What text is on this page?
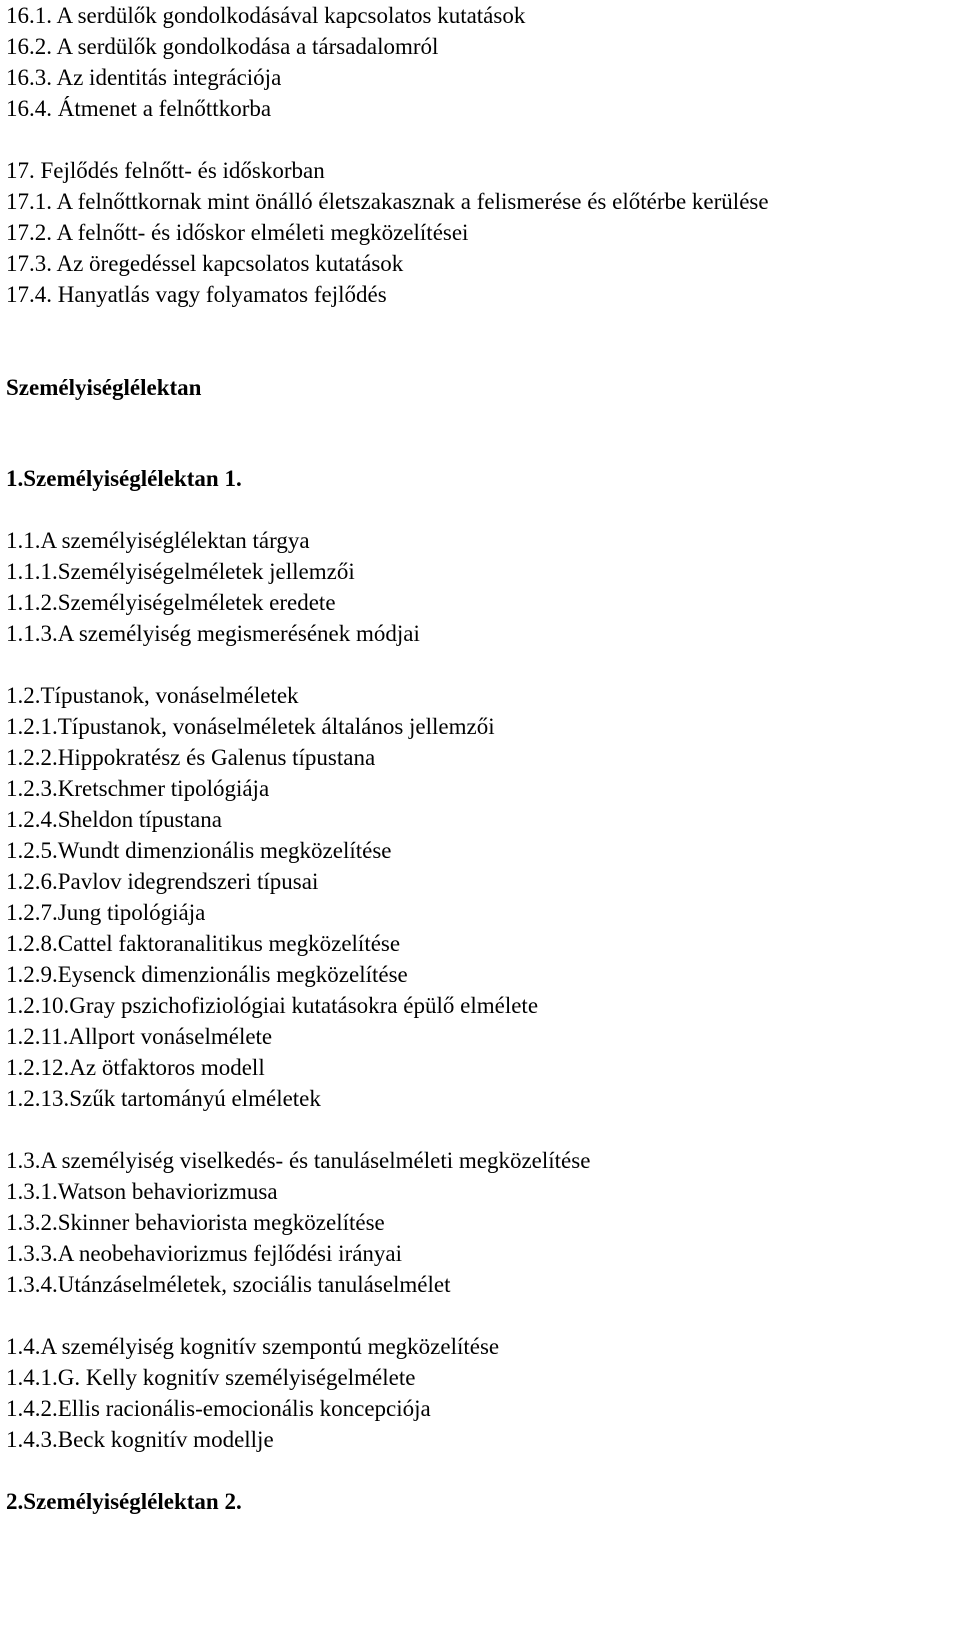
16.1. A serdülők gondolkodásával kapcsolatos kutatások
16.2. A serdülők gondolkodása a társadalomról
16.3. Az identitás integrációja
16.4. Átmenet a felnőttkorba
17. Fejlődés felnőtt- és időskorban
17.1. A felnőttkornak mint önálló életszakasznak a felismerése és előtérbe kerülése
17.2. A felnőtt- és időskor elméleti megközelítései
17.3. Az öregedéssel kapcsolatos kutatások
17.4. Hanyatlás vagy folyamatos fejlődés
Személyiséglélektan
1.Személyiséglélektan 1.
1.1.A személyiséglélektan tárgya
1.1.1.Személyiségelméletek jellemzői
1.1.2.Személyiségelméletek eredete
1.1.3.A személyiség megismerésének módjai
1.2.Típustanok, vonáselméletek
1.2.1.Típustanok, vonáselméletek általános jellemzői
1.2.2.Hippokratész és Galenus típustana
1.2.3.Kretschmer tipológiája
1.2.4.Sheldon típustana
1.2.5.Wundt dimenzionális megközelítése
1.2.6.Pavlov idegrendszeri típusai
1.2.7.Jung tipológiája
1.2.8.Cattel faktoranalitikus megközelítése
1.2.9.Eysenck dimenzionális megközelítése
1.2.10.Gray pszichofiziológiai kutatásokra épülő elmélete
1.2.11.Allport vonáselmélete
1.2.12.Az ötfaktoros modell
1.2.13.Szűk tartományú elméletek
1.3.A személyiség viselkedés- és tanuláselméleti megközelítése
1.3.1.Watson behaviorizmusa
1.3.2.Skinner behaviorista megközelítése
1.3.3.A neobehaviorizmus fejlődési irányai
1.3.4.Utánzáselméletek, szociális tanuláselmélet
1.4.A személyiség kognitív szempontú megközelítése
1.4.1.G. Kelly kognitív személyiségelmélete
1.4.2.Ellis racionális-emocionális koncepciója
1.4.3.Beck kognitív modellje
2.Személyiséglélektan 2.
